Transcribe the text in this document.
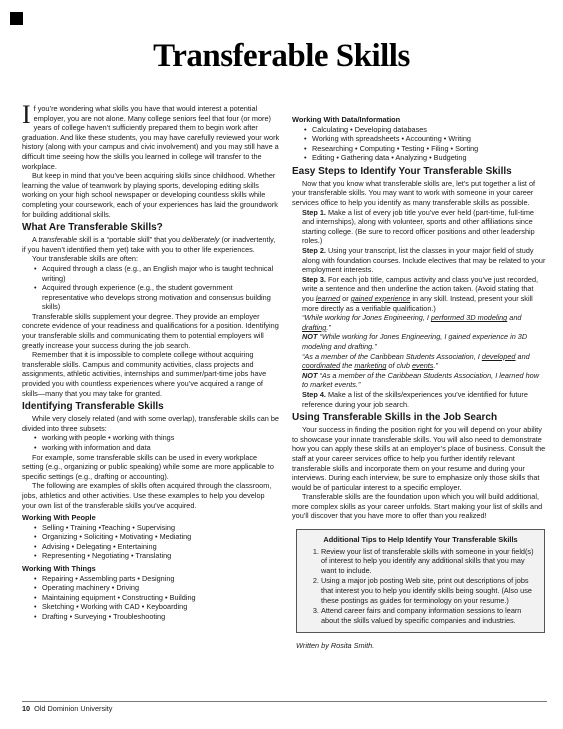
Transferable Skills

If you’re wondering what skills you have that would interest a potential employer, you are not alone. Many college seniors feel that four (or more) years of college haven’t sufficiently prepared them to begin work after graduation. And like these students, you may have carefully reviewed your work history (along with your campus and civic involvement) and you may still have a difficult time seeing how the skills you learned in college will transfer to the workplace.

But keep in mind that you’ve been acquiring skills since childhood. Whether learning the value of teamwork by playing sports, developing editing skills working on your high school newspaper or developing countless skills while completing your coursework, each of your experiences has laid the groundwork for building additional skills.

What Are Transferable Skills?

A transferable skill is a “portable skill” that you deliberately (or inadvertently, if you haven’t identified them yet) take with you to other life experiences.

Your transferable skills are often:

• Acquired through a class (e.g., an English major who is taught technical writing)
• Acquired through experience (e.g., the student government representative who develops strong motivation and consensus building skills)

Transferable skills supplement your degree. They provide an employer concrete evidence of your readiness and qualifications for a position. Identifying your transferable skills and communicating them to potential employers will greatly increase your success during the job search.

Remember that it is impossible to complete college without acquiring transferable skills. Campus and community activities, class projects and assignments, athletic activities, internships and summer/part-time jobs have provided you with countless experiences where you’ve acquired a range of skills—many that you may take for granted.

Identifying Transferable Skills

While very closely related (and with some overlap), transferable skills can be divided into three subsets:

• working with people • working with things
• working with information and data

For example, some transferable skills can be used in every workplace setting (e.g., organizing or public speaking) while some are more applicable to specific settings (e.g., drafting or accounting).

The following are examples of skills often acquired through the classroom, jobs, athletics and other activities. Use these examples to help you develop your own list of the transferable skills you’ve acquired.

Working With People
• Selling • Training •Teaching • Supervising
• Organizing • Soliciting • Motivating • Mediating
• Advising • Delegating • Entertaining
• Representing • Negotiating • Translating
Working With Things
• Repairing • Assembling parts • Designing
• Operating machinery • Driving
• Maintaining equipment • Constructing • Building
• Sketching • Working with CAD • Keyboarding
• Drafting • Surveying • Troubleshooting
Working With Data/Information
• Calculating • Developing databases
• Working with spreadsheets • Accounting • Writing
• Researching • Computing • Testing • Filing • Sorting
• Editing • Gathering data • Analyzing • Budgeting
Easy Steps to Identify Your Transferable Skills

Now that you know what transferable skills are, let’s put together a list of your transferable skills. You may want to work with someone in your career services office to help you identify as many transferable skills as possible.

Step 1. Make a list of every job title you’ve ever held (part-time, full-time and internships), along with volunteer, sports and other affiliations since starting college. (Be sure to record officer positions and other leadership roles.)

Step 2. Using your transcript, list the classes in your major field of study along with foundation courses. Include electives that may be related to your employment interests.

Step 3. For each job title, campus activity and class you’ve just recorded, write a sentence and then underline the action taken. (Avoid stating that you learned or gained experience in any skill. Instead, present your skill more directly as a verifiable qualification.)

“While working for Jones Engineering, I performed 3D modeling and drafting.”

NOT “While working for Jones Engineering, I gained experience in 3D modeling and drafting.”

“As a member of the Caribbean Students Association, I developed and coordinated the marketing of club events.”

NOT “As a member of the Caribbean Students Association, I learned how to market events.”

Step 4. Make a list of the skills/experiences you’ve identified for future reference during your job search.

Using Transferable Skills in the Job Search

Your success in finding the position right for you will depend on your ability to showcase your innate transferable skills. You will also need to demonstrate how you can apply these skills at an employer’s place of business. Consult the staff at your career services office to help you further identify relevant transferable skills and incorporate them on your resume and during your interviews. During each interview, be sure to emphasize only those skills that would be of particular interest to a specific employer.

Transferable skills are the foundation upon which you will build additional, more complex skills as your career unfolds. Start making your list of skills and you’ll discover that you have more to offer than you realized!

Additional Tips to Help Identify Your Transferable Skills
1. Review your list of transferable skills with someone in your field(s) of interest to help you identify any additional skills that you may want to include.
2. Using a major job posting Web site, print out descriptions of jobs that interest you to help you identify skills being sought. (Also use these postings as guides for terminology on your resume.)
3. Attend career fairs and company information sessions to learn about the skills valued by specific companies and industries.

Written by Rosita Smith.

10 Old Dominion University
